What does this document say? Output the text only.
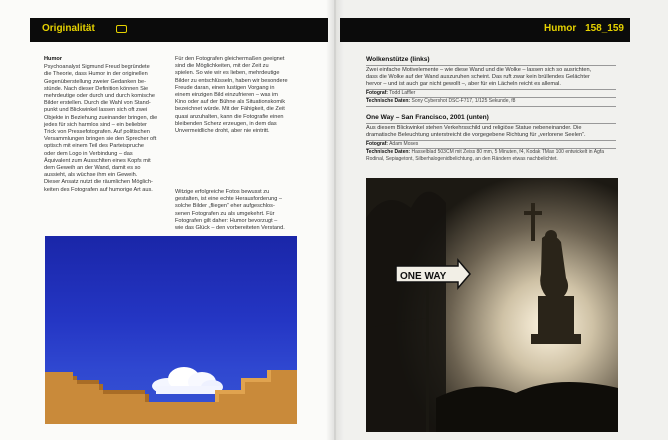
Originalität
Humor
Psychoanalyst Sigmund Freud begründete
die Theorie, dass Humor in der originellen
Gegenüberstellung zweier Gedanken be-
stünde. Nach dieser Definition können Sie
mehrdeutige oder durch und durch komische
Bilder erstellen. Durch die Wahl von Stand-
punkt und Blickwinkel lassen sich oft zwei
Objekte in Beziehung zueinander bringen, die
jedes für sich harmlos sind – ein beliebter
Trick von Pressefotografen. Auf politischen
Versammlungen bringen sie den Sprecher oft
optisch mit einem Teil des Parteispruche
oder dem Logo in Verbindung – das
Äquivalent zum Ausschlten eines Kopfs mit
dem Geweih an der Wand, damit es so
aussieht, als wüchse ihm ein Geweih.
Dieser Ansatz nutzt die räumlichen Möglich-
keiten des Fotografen auf humorige Art aus.
Für den Fotografen gleichermaßen geeignet
sind die Möglichkeiten, mit der Zeit zu
spielen. So wie wir es lieben, mehrdeutige
Bilder zu entschlüsseln, haben wir besondere
Freude daran, einen lustigen Vorgang in
einem einzigen Bild einzufrieren – was im
Kino oder auf der Bühne als Situationskomik
bezeichnet würde. Mit der Fähigkeit, die Zeit
quasi anzuhalten, kann die Fotografie einen
bleibenden Scherz erzeugen, in dem das
Unvermeidliche droht, aber nie eintritt.
Witzige erfolgreiche Fotos bewusst zu
gestalten, ist eine echte Herausforderung –
solche Bilder „fliegen“ eher aufgeschlos-
senen Fotografen zu als umgekehrt. Für
Fotografen gilt daher: Humor bevorzugt –
wie das Glück – den vorbereiteten Verstand.
Humor 158_159
Wolkenstütze (links)
Zwei einfache Motivelemente – wie diese Wand und die Wolke – lassen sich so ausrichten,
dass die Wolke auf der Wand auszuruhen scheint. Das ruft zwar kein brüllendes Gelächter
hervor – und ist auch gar nicht gewollt –, aber für ein Lächeln reicht es allemal.
Fotograf: Todd Laffler
Technische Daten: Sony Cybershot DSC-F717, 1/125 Sekunde, f8
One Way – San Francisco, 2001 (unten)
Aus diesem Blickwinkel stehen Verkehrsschild und religiöse Statue nebeneinander. Die
dramatische Beleuchtung unterstreicht die vorgegebene Richtung für „verlorene Seelen“.
Fotograf: Adam Moses
Technische Daten: Hasselblad 503CM mit Zeiss 80 mm, 5 Minuten, f4, Kodak TMax 100 entwickelt in Agfa
Rodinal, Sepiagetont, Silberhalogenidbelichtung, an den Rändern etwas nachbelichtet.
ONE WAY
